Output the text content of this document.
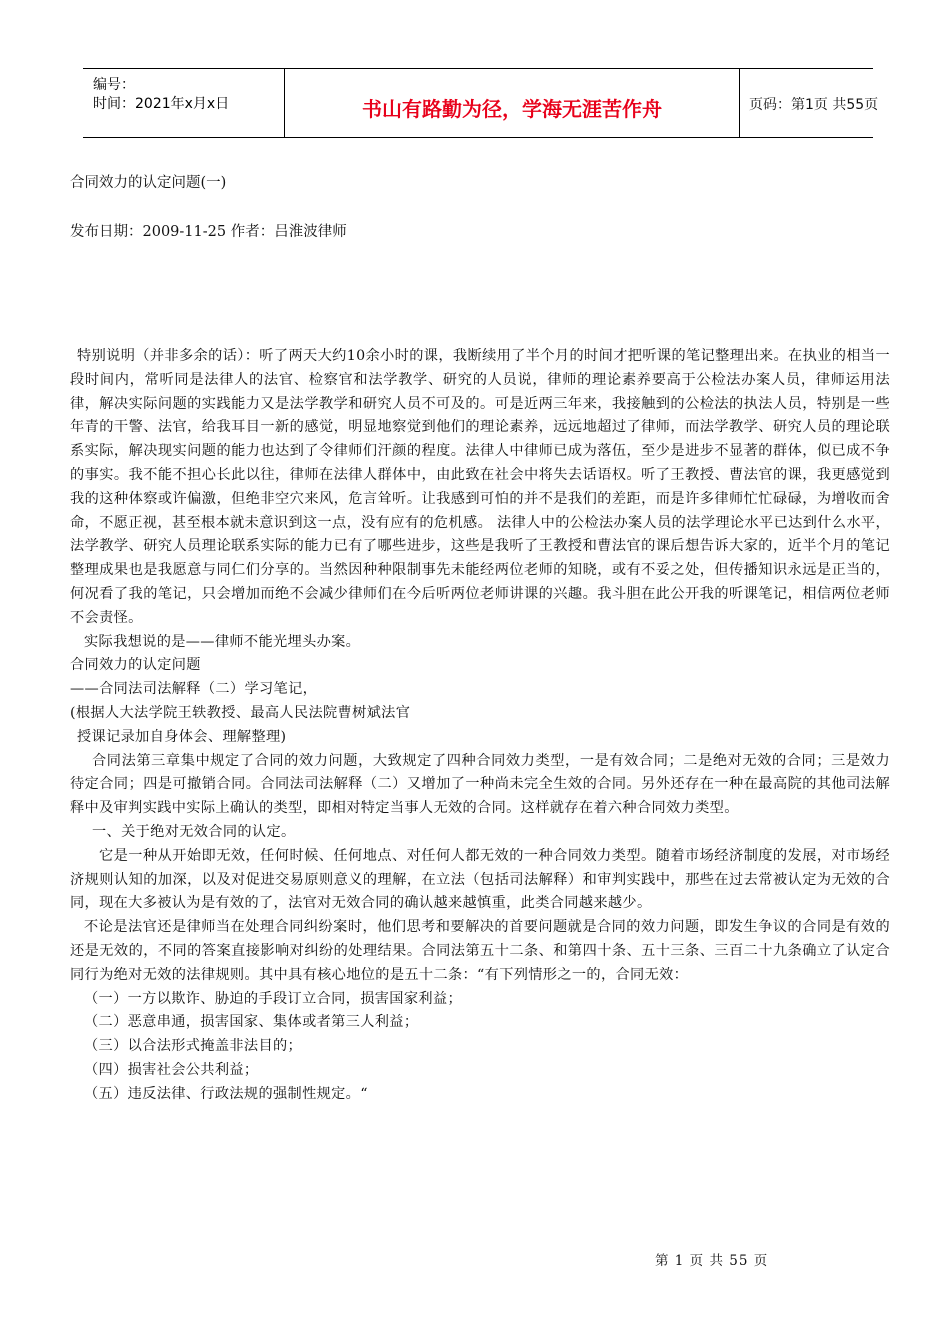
编号：
时间：2021年x月x日	书山有路勤为径，学海无涯苦作舟	页码：第1页 共55页
合同效力的认定问题(一)
发布日期：2009-11-25 作者：吕淮波律师

特别说明（并非多余的话）：听了两天大约10余小时的课，我断续用了半个月的时间才把听课的笔记整理出来。在执业的相当一段时间内，常听同是法律人的法官、检察官和法学教学、研究的人员说，律师的理论素养要高于公检法办案人员，律师运用法律，解决实际问题的实践能力又是法学教学和研究人员不可及的。可是近两三年来，我接触到的公检法的执法人员，特别是一些年青的干警、法官，给我耳目一新的感觉，明显地察觉到他们的理论素养，远远地超过了律师，而法学教学、研究人员的理论联系实际，解决现实问题的能力也达到了令律师们汗颜的程度。法律人中律师已成为落伍，至少是进步不显著的群体，似已成不争的事实。我不能不担心长此以往，律师在法律人群体中，由此致在社会中将失去话语权。听了王教授、曹法官的课，我更感觉到我的这种体察或许偏激，但绝非空穴来风，危言耸听。让我感到可怕的并不是我们的差距，而是许多律师忙忙碌碌，为增收而舍命，不愿正视，甚至根本就未意识到这一点，没有应有的危机感。 法律人中的公检法办案人员的法学理论水平已达到什么水平，法学教学、研究人员理论联系实际的能力已有了哪些进步，这些是我听了王教授和曹法官的课后想告诉大家的，近半个月的笔记整理成果也是我愿意与同仁们分享的。当然因种种限制事先未能经两位老师的知晓，或有不妥之处，但传播知识永远是正当的，何况看了我的笔记，只会增加而绝不会减少律师们在今后听两位老师讲课的兴趣。我斗胆在此公开我的听课笔记，相信两位老师不会责怪。

实际我想说的是——律师不能光埋头办案。

合同效力的认定问题

——合同法司法解释（二）学习笔记，

(根据人大法学院王轶教授、最高人民法院曹树斌法官

授课记录加自身体会、理解整理)

合同法第三章集中规定了合同的效力问题，大致规定了四种合同效力类型，一是有效合同；二是绝对无效的合同；三是效力待定合同；四是可撤销合同。合同法司法解释（二）又增加了一种尚未完全生效的合同。另外还存在一种在最高院的其他司法解释中及审判实践中实际上确认的类型，即相对特定当事人无效的合同。这样就存在着六种合同效力类型。

一、关于绝对无效合同的认定。

它是一种从开始即无效，任何时候、任何地点、对任何人都无效的一种合同效力类型。随着市场经济制度的发展，对市场经济规则认知的加深，以及对促进交易原则意义的理解，在立法（包括司法解释）和审判实践中，那些在过去常被认定为无效的合同，现在大多被认为是有效的了，法官对无效合同的确认越来越慎重，此类合同越来越少。

不论是法官还是律师当在处理合同纠纷案时，他们思考和要解决的首要问题就是合同的效力问题，即发生争议的合同是有效的还是无效的，不同的答案直接影响对纠纷的处理结果。合同法第五十二条、和第四十条、五十三条、三百二十九条确立了认定合同行为绝对无效的法律规则。其中具有核心地位的是五十二条：“有下列情形之一的，合同无效：

（一）一方以欺诈、胁迫的手段订立合同，损害国家利益；

（二）恶意串通，损害国家、集体或者第三人利益；

（三）以合法形式掩盖非法目的；

（四）损害社会公共利益；

（五）违反法律、行政法规的强制性规定。“

第 1 页 共 55 页
